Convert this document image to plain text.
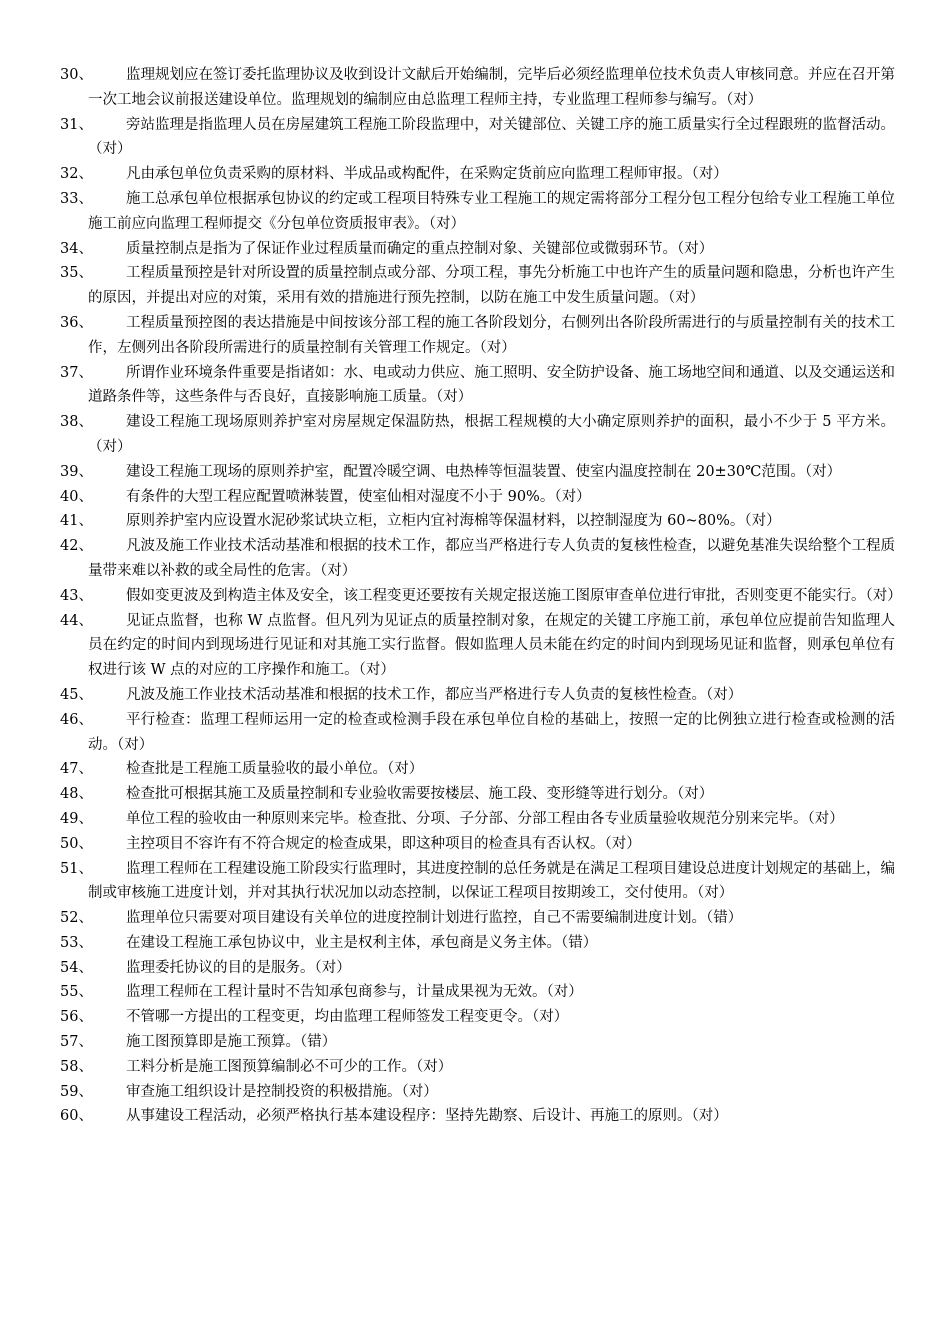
30、	监理规划应在签订委托监理协议及收到设计文献后开始编制，完毕后必须经监理单位技术负责人审核同意。并应在召开第一次工地会议前报送建设单位。监理规划的编制应由总监理工程师主持，专业监理工程师参与编写。（对）
31、	旁站监理是指监理人员在房屋建筑工程施工阶段监理中，对关键部位、关键工序的施工质量实行全过程跟班的监督活动。（对）
32、	凡由承包单位负责采购的原材料、半成品或构配件，在采购定货前应向监理工程师审报。（对）
33、	施工总承包单位根据承包协议的约定或工程项目特殊专业工程施工的规定需将部分工程分包工程分包给专业工程施工单位施工前应向监理工程师提交《分包单位资质报审表》。（对）
34、	质量控制点是指为了保证作业过程质量而确定的重点控制对象、关键部位或微弱环节。（对）
35、	工程质量预控是针对所设置的质量控制点或分部、分项工程，事先分析施工中也许产生的质量问题和隐患，分析也许产生的原因，并提出对应的对策，采用有效的措施进行预先控制，以防在施工中发生质量问题。（对）
36、	工程质量预控图的表达措施是中间按该分部工程的施工各阶段划分，右侧列出各阶段所需进行的与质量控制有关的技术工作，左侧列出各阶段所需进行的质量控制有关管理工作规定。（对）
37、	所谓作业环境条件重要是指诸如：水、电或动力供应、施工照明、安全防护设备、施工场地空间和通道、以及交通运送和道路条件等，这些条件与否良好，直接影响施工质量。（对）
38、	建设工程施工现场原则养护室对房屋规定保温防热，根据工程规模的大小确定原则养护的面积，最小不少于 5 平方米。（对）
39、	建设工程施工现场的原则养护室，配置冷暖空调、电热棒等恒温装置、使室内温度控制在 20±30℃范围。（对）
40、	有条件的大型工程应配置喷淋装置，使室仙相对湿度不小于 90%。（对）
41、	原则养护室内应设置水泥砂浆试块立柜，立柜内宜衬海棉等保温材料，以控制湿度为 60~80%。（对）
42、	凡波及施工作业技术活动基准和根据的技术工作，都应当严格进行专人负责的复核性检查，以避免基准失误给整个工程质量带来难以补救的或全局性的危害。（对）
43、	假如变更波及到构造主体及安全，该工程变更还要按有关规定报送施工图原审查单位进行审批，否则变更不能实行。（对）
44、	见证点监督，也称 W 点监督。但凡列为见证点的质量控制对象，在规定的关键工序施工前，承包单位应提前告知监理人员在约定的时间内到现场进行见证和对其施工实行监督。假如监理人员未能在约定的时间内到现场见证和监督，则承包单位有权进行该 W 点的对应的工序操作和施工。（对）
45、	凡波及施工作业技术活动基准和根据的技术工作，都应当严格进行专人负责的复核性检查。（对）
46、	平行检查：监理工程师运用一定的检查或检测手段在承包单位自检的基础上，按照一定的比例独立进行检查或检测的活动。（对）
47、	检查批是工程施工质量验收的最小单位。（对）
48、	检查批可根据其施工及质量控制和专业验收需要按楼层、施工段、变形缝等进行划分。（对）
49、	单位工程的验收由一种原则来完毕。检查批、分项、子分部、分部工程由各专业质量验收规范分别来完毕。（对）
50、	主控项目不容许有不符合规定的检查成果，即这种项目的检查具有否认权。（对）
51、	监理工程师在工程建设施工阶段实行监理时，其进度控制的总任务就是在满足工程项目建设总进度计划规定的基础上，编制或审核施工进度计划，并对其执行状况加以动态控制，以保证工程项目按期竣工，交付使用。（对）
52、	监理单位只需要对项目建设有关单位的进度控制计划进行监控，自己不需要编制进度计划。（错）
53、	在建设工程施工承包协议中，业主是权利主体，承包商是义务主体。（错）
54、	监理委托协议的目的是服务。（对）
55、	监理工程师在工程计量时不告知承包商参与，计量成果视为无效。（对）
56、	不管哪一方提出的工程变更，均由监理工程师签发工程变更令。（对）
57、	施工图预算即是施工预算。（错）
58、	工料分析是施工图预算编制必不可少的工作。（对）
59、	审查施工组织设计是控制投资的积极措施。（对）
60、	从事建设工程活动，必须严格执行基本建设程序：坚持先勘察、后设计、再施工的原则。（对）
